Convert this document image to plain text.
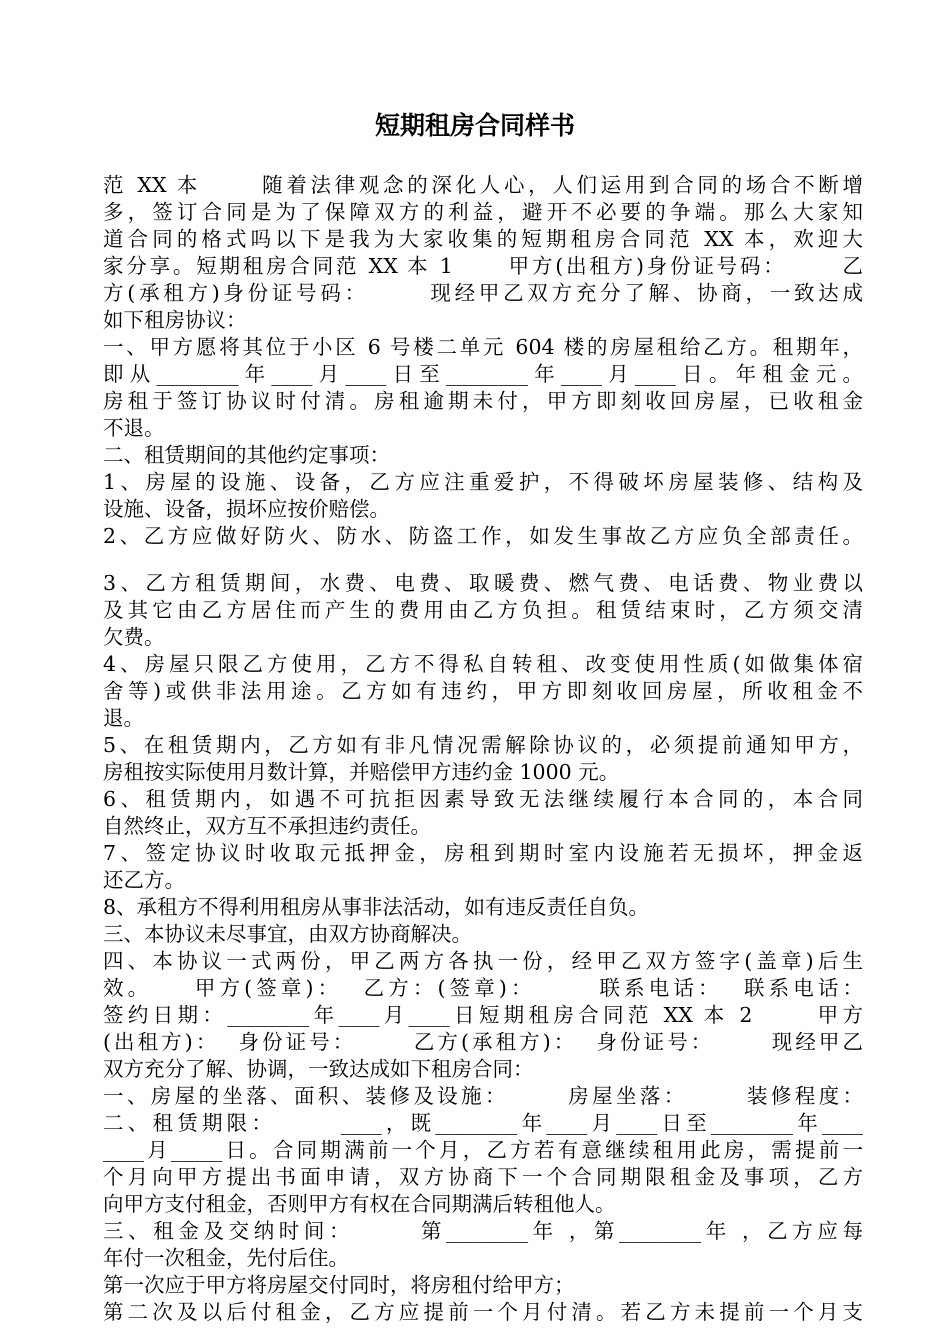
短期租房合同样书
范 XX 本      随着法律观念的深化人心，人们运用到合同的场合不断增
多，签订合同是为了保障双方的利益，避开不必要的争端。那么大家知
道合同的格式吗以下是我为大家收集的短期租房合同范 XX 本，欢迎大
家分享。短期租房合同范 XX 本 1      甲方(出租方)身份证号码：      乙
方(承租方)身份证号码：      现经甲乙双方充分了解、协商，一致达成
如下租房协议：
一、甲方愿将其位于小区 6 号楼二单元 604 楼的房屋租给乙方。租期年，
即从________年____月____日至________年____月____日。年租金元。
房租于签订协议时付清。房租逾期未付，甲方即刻收回房屋，已收租金
不退。
二、租赁期间的其他约定事项：
1、房屋的设施、设备，乙方应注重爱护，不得破坏房屋装修、结构及
设施、设备，损坏应按价赔偿。
2、乙方应做好防火、防水、防盗工作，如发生事故乙方应负全部责任。
3、乙方租赁期间，水费、电费、取暖费、燃气费、电话费、物业费以
及其它由乙方居住而产生的费用由乙方负担。租赁结束时，乙方须交清
欠费。
4、房屋只限乙方使用，乙方不得私自转租、改变使用性质(如做集体宿
舍等)或供非法用途。乙方如有违约，甲方即刻收回房屋，所收租金不
退。
5、在租赁期内，乙方如有非凡情况需解除协议的，必须提前通知甲方，
房租按实际使用月数计算，并赔偿甲方违约金 1000 元。
6、租赁期内，如遇不可抗拒因素导致无法继续履行本合同的，本合同
自然终止，双方互不承担违约责任。
7、签定协议时收取元抵押金，房租到期时室内设施若无损坏，押金返
还乙方。
8、承租方不得利用租房从事非法活动，如有违反责任自负。
三、本协议未尽事宜，由双方协商解决。
四、本协议一式两份，甲乙两方各执一份，经甲乙双方签字(盖章)后生
效。    甲方(签章)：  乙方：(签章)：      联系电话：  联系电话：
签约日期：________年____月____日短期租房合同范 XX 本 2      甲方
(出租方)：  身份证号：      乙方(承租方)：  身份证号：      现经甲乙
双方充分了解、协调，一致达成如下租房合同：
一、房屋的坐落、面积、装修及设施：      房屋坐落：      装修程度：
二、租赁期限：      ____，既________年____月____日至________年____
____月_____日。合同期满前一个月，乙方若有意继续租用此房，需提前一
个月向甲方提出书面申请，双方协商下一个合同期限租金及事项，乙方
向甲方支付租金，否则甲方有权在合同期满后转租他人。
三、租金及交纳时间：      第________年 ，第________年 ，乙方应每
年付一次租金，先付后住。
第一次应于甲方将房屋交付同时，将房租付给甲方；
第二次及以后付租金，乙方应提前一个月付清。若乙方未提前一个月支
